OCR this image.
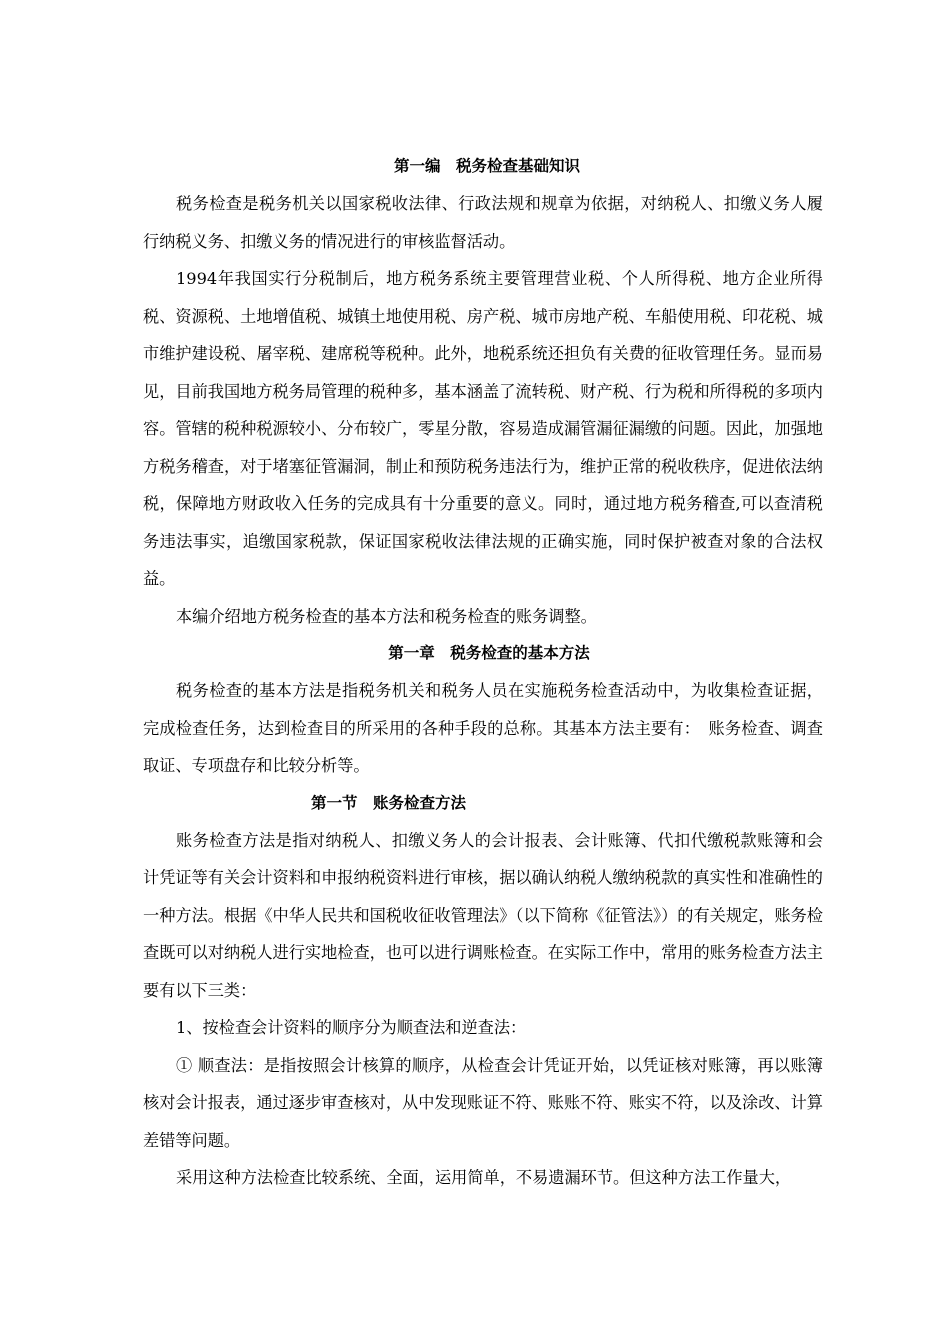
第一编　税务检查基础知识

税务检查是税务机关以国家税收法律、行政法规和规章为依据，对纳税人、扣缴义务人履行纳税义务、扣缴义务的情况进行的审核监督活动。

1994年我国实行分税制后，地方税务系统主要管理营业税、个人所得税、地方企业所得税、资源税、土地增值税、城镇土地使用税、房产税、城市房地产税、车船使用税、印花税、城市维护建设税、屠宰税、建席税等税种。此外，地税系统还担负有关费的征收管理任务。显而易见，目前我国地方税务局管理的税种多，基本涵盖了流转税、财产税、行为税和所得税的多项内容。管辖的税种税源较小、分布较广，零星分散，容易造成漏管漏征漏缴的问题。因此，加强地方税务稽查，对于堵塞征管漏洞，制止和预防税务违法行为，维护正常的税收秩序，促进依法纳税，保障地方财政收入任务的完成具有十分重要的意义。同时，通过地方税务稽查,可以查清税务违法事实，追缴国家税款，保证国家税收法律法规的正确实施，同时保护被查对象的合法权益。

本编介绍地方税务检查的基本方法和税务检查的账务调整。

第一章　税务检查的基本方法

税务检查的基本方法是指税务机关和税务人员在实施税务检查活动中，为收集检查证据，完成检查任务，达到检查目的所采用的各种手段的总称。其基本方法主要有：　账务检查、调查取证、专项盘存和比较分析等。

第一节　账务检查方法

账务检查方法是指对纳税人、扣缴义务人的会计报表、会计账簿、代扣代缴税款账簿和会计凭证等有关会计资料和申报纳税资料进行审核，据以确认纳税人缴纳税款的真实性和准确性的一种方法。根据《中华人民共和国税收征收管理法》（以下简称《征管法》）的有关规定，账务检查既可以对纳税人进行实地检查，也可以进行调账检查。在实际工作中，常用的账务检查方法主要有以下三类：

1、按检查会计资料的顺序分为顺查法和逆查法：

① 顺查法：是指按照会计核算的顺序，从检查会计凭证开始，以凭证核对账簿，再以账簿核对会计报表，通过逐步审查核对，从中发现账证不符、账账不符、账实不符，以及涂改、计算差错等问题。

采用这种方法检查比较系统、全面，运用简单，不易遗漏环节。但这种方法工作量大，
